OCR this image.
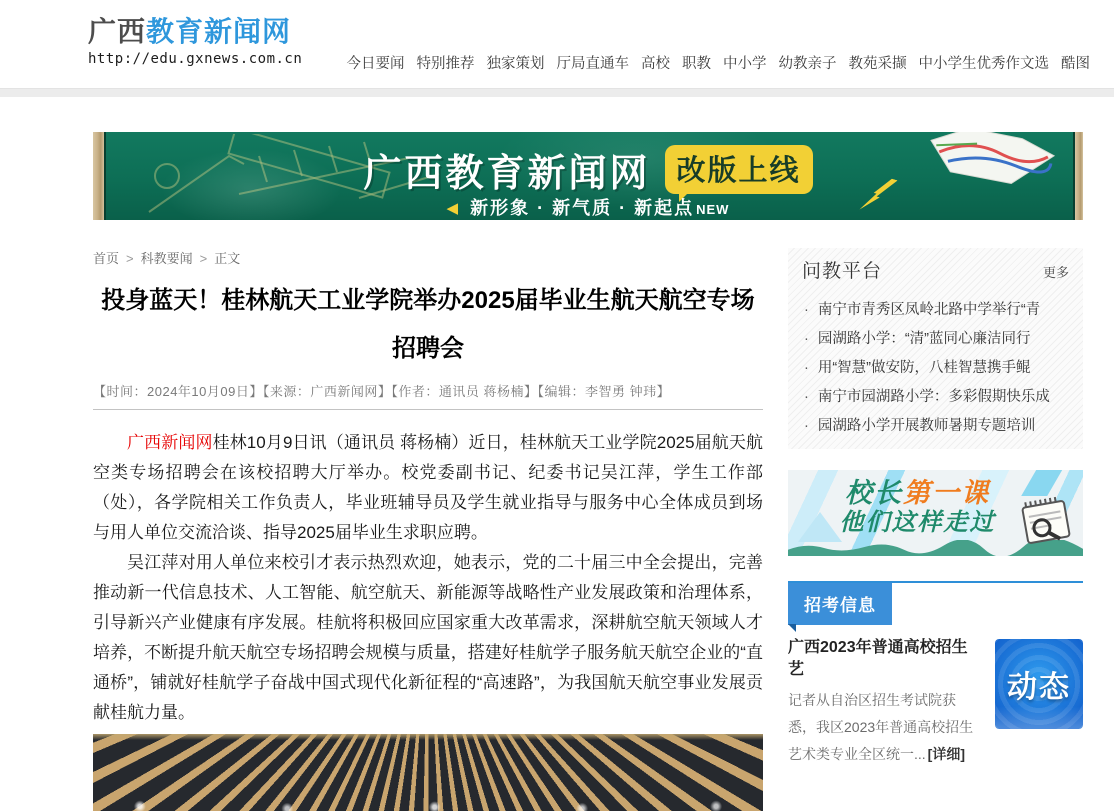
广西教育新闻网
http://edu.gxnews.com.cn	今日要闻 特别推荐 独家策划 厅局直通车 高校 职教 中小学 幼教亲子 教苑采撷 中小学生优秀作文选 酷图
广西教育新闻网 改版上线
◀ 新形象 · 新气质 · 新起点 NEW
首页 > 科教要闻 > 正文
投身蓝天！桂林航天工业学院举办2025届毕业生航天航空专场招聘会
【时间：2024年10月09日】【来源：广西新闻网】【作者：通讯员 蒋杨楠】【编辑：李智勇 钟玮】

广西新闻网桂林10月9日讯（通讯员 蒋杨楠）近日，桂林航天工业学院2025届航天航空类专场招聘会在该校招聘大厅举办。校党委副书记、纪委书记吴江萍，学生工作部（处），各学院相关工作负责人，毕业班辅导员及学生就业指导与服务中心全体成员到场与用人单位交流洽谈、指导2025届毕业生求职应聘。

吴江萍对用人单位来校引才表示热烈欢迎，她表示，党的二十届三中全会提出，完善推动新一代信息技术、人工智能、航空航天、新能源等战略性产业发展政策和治理体系，引导新兴产业健康有序发展。桂航将积极回应国家重大改革需求，深耕航空航天领域人才培养，不断提升航天航空专场招聘会规模与质量，搭建好桂航学子服务航天航空企业的“直通桥”，铺就好桂航学子奋战中国式现代化新征程的“高速路”，为我国航天航空事业发展贡献桂航力量。

问教平台	更多
· 南宁市青秀区凤岭北路中学举行“青
· 园湖路小学：“清”蓝同心廉洁同行
· 用“智慧”做安防，八桂智慧携手鲲
· 南宁市园湖路小学：多彩假期快乐成
· 园湖路小学开展教师暑期专题培训
校长第一课
他们这样走过
招考信息
广西2023年普通高校招生艺
记者从自治区招生考试院获悉，我区2023年普通高校招生艺术类专业全区统一... [详细]
动态
